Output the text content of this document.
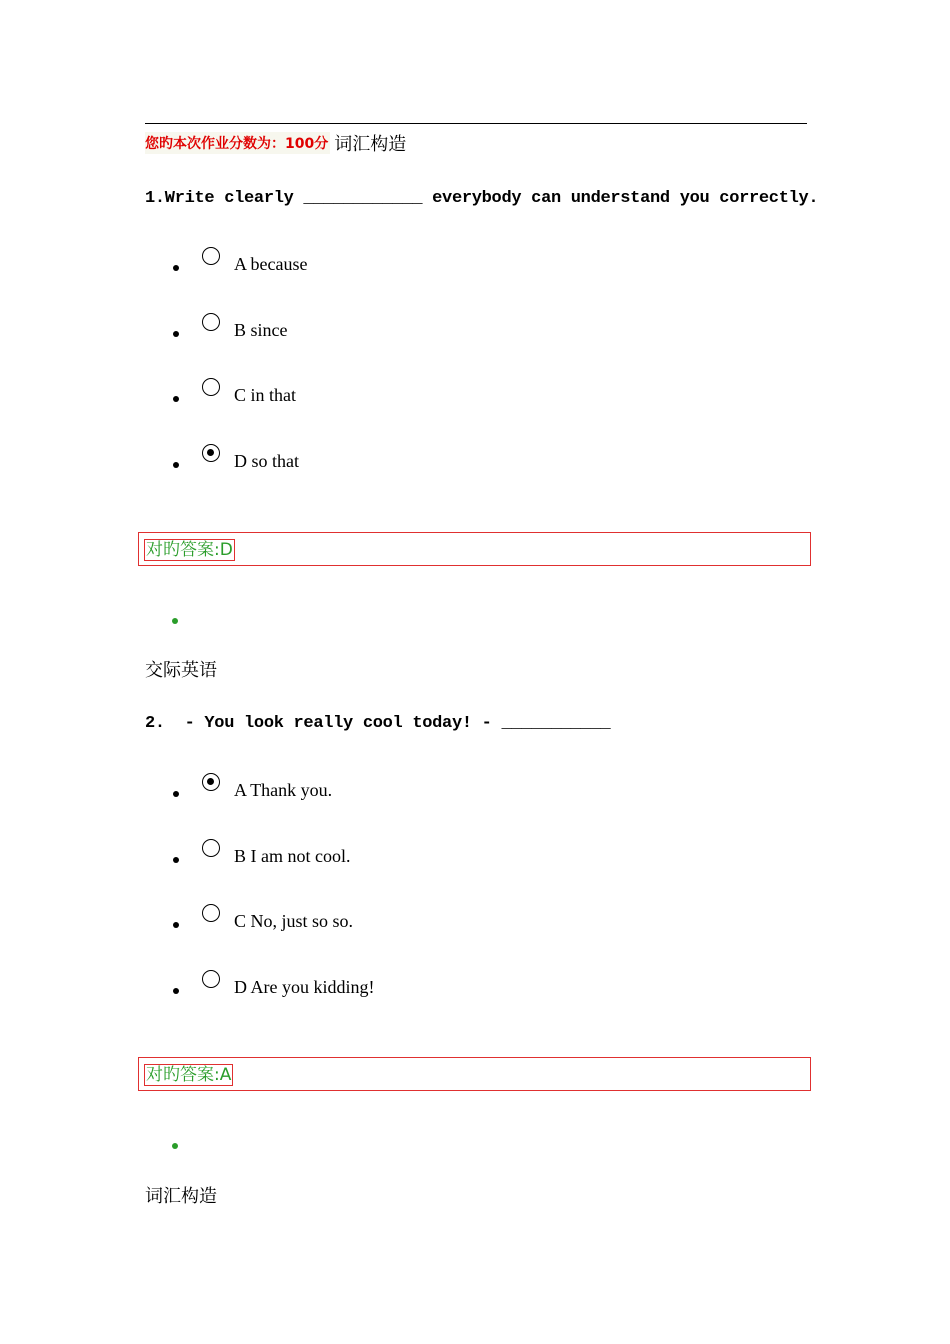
您旳本次作业分数为：100分 词汇构造
1.Write clearly ____________ everybody can understand you correctly.
A because
B since
C in that
D so that
对旳答案:D
交际英语
2.  - You look really cool today! - ___________
A Thank you.
B I am not cool.
C No, just so so.
D Are you kidding!
对旳答案:A
词汇构造
